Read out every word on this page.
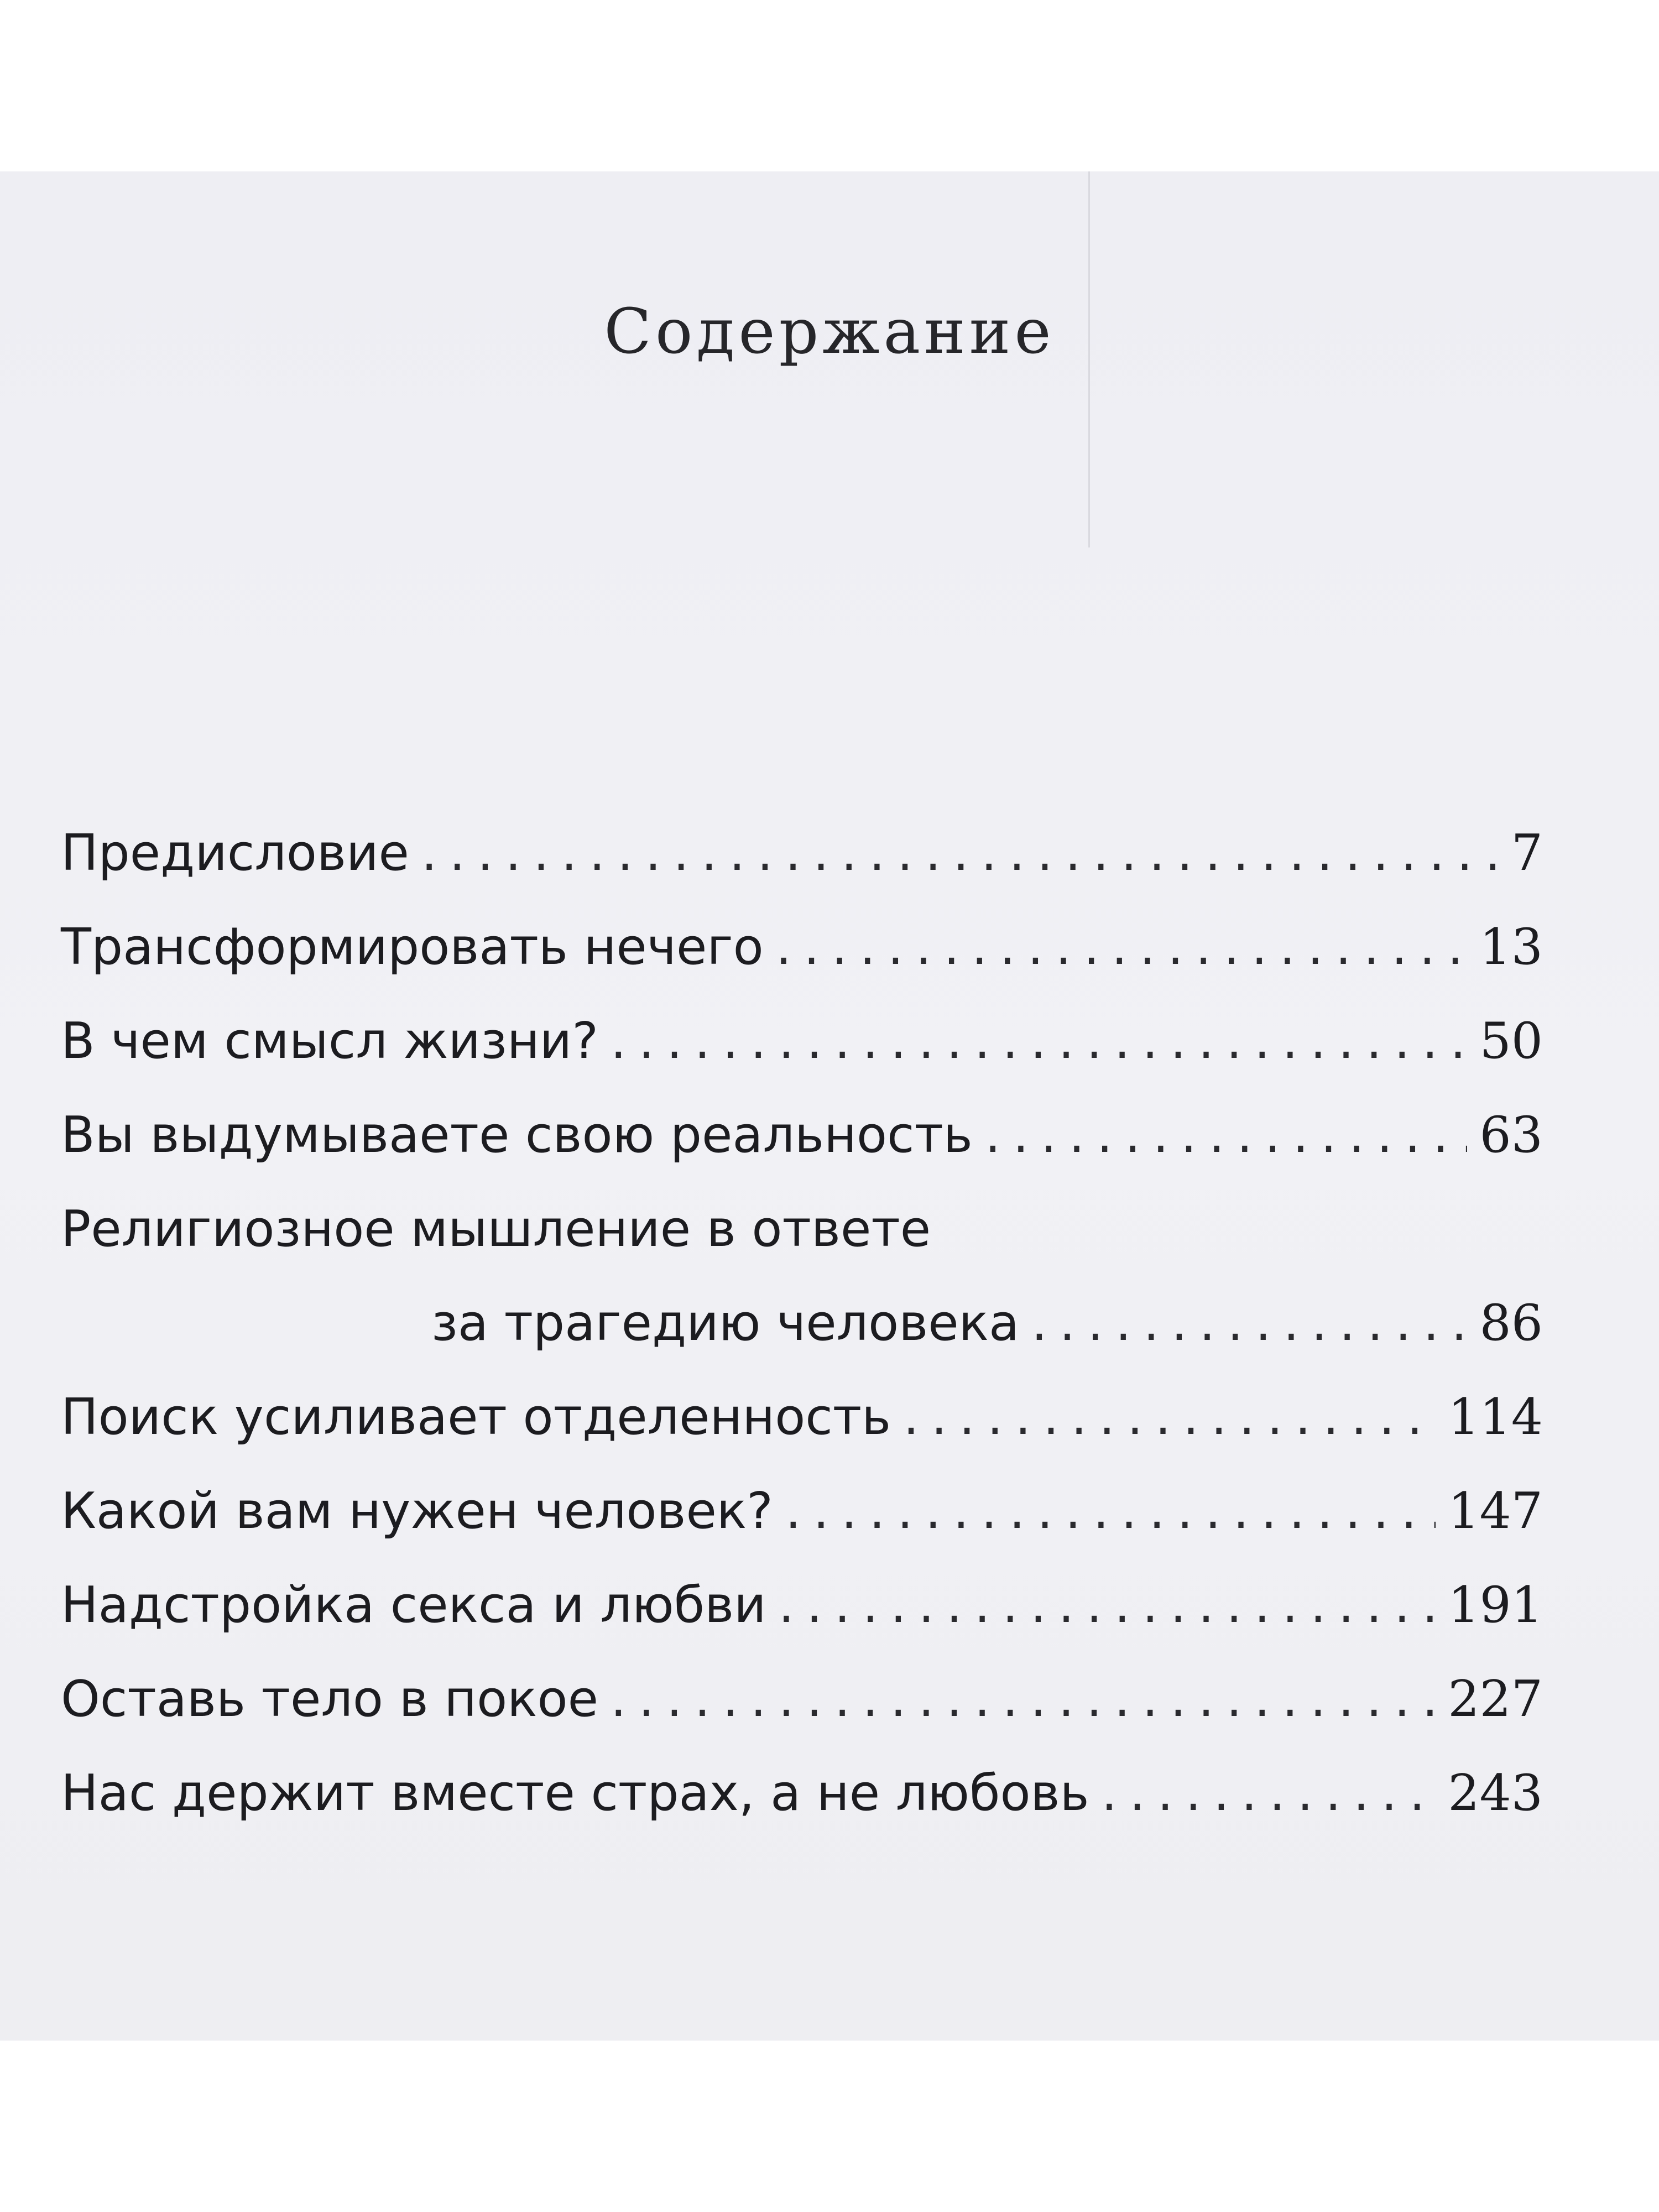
Содержание
Предисловие .....	7
Трансформировать нечего .....	13
В чем смысл жизни? .....	50
Вы выдумываете свою реальность .....	63
Религиозное мышление в ответе
за трагедию человека .....	86
Поиск усиливает отделенность .....	114
Какой вам нужен человек? .....	147
Надстройка секса и любви .....	191
Оставь тело в покое .....	227
Нас держит вместе страх, а не любовь .....	243
